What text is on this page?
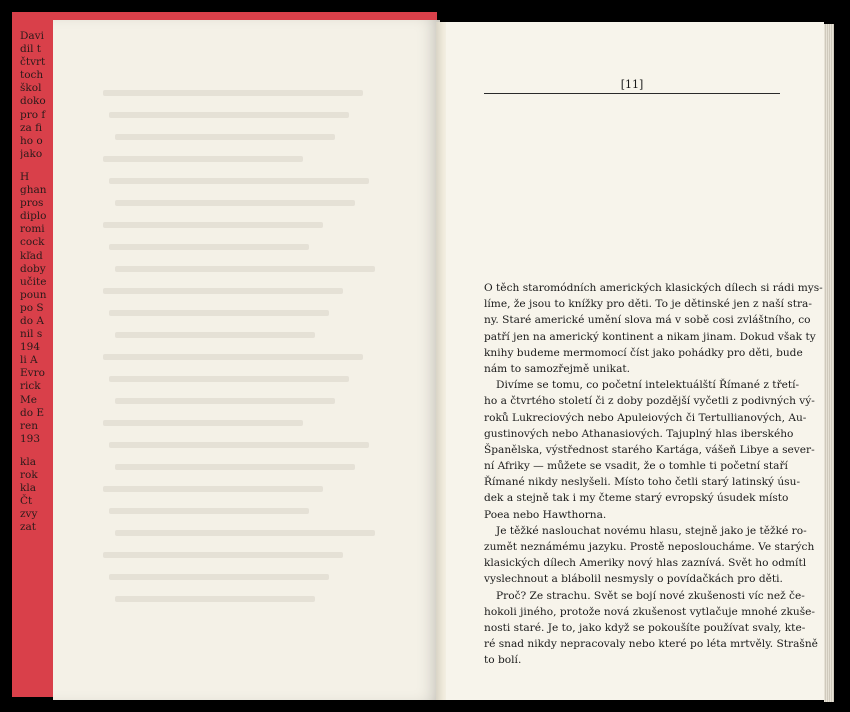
Davi
dil t
čtvrt
toch
škol
doko
pro f
za fi
ho o
jako
H
ghan
pros
diplo
romi
cock
kľad
doby
učite
poun
po S
do A
nil s
194
li A
Evro
rick
Me
do E
ren
193
kla
rok
kla
Čt
zvy
zat
[11]
O těch staromódních amerických klasických dílech si rádi mys-
líme, že jsou to knížky pro děti. To je dětinské jen z naší stra-
ny. Staré americké umění slova má v sobě cosi zvláštního, co
patří jen na americký kontinent a nikam jinam. Dokud však ty
knihy budeme mermomocí číst jako pohádky pro děti, bude
nám to samozřejmě unikat.
Divíme se tomu, co početní intelektuálští Římané z třetí-
ho a čtvrtého století či z doby pozdější vyčetli z podivných vý-
roků Lukreciových nebo Apuleiových či Tertullianových, Au-
gustinových nebo Athanasiových. Tajuplný hlas iberského
Španělska, výstřednost starého Kartága, vášeň Libye a sever-
ní Afriky — můžete se vsadit, že o tomhle ti početní staří
Římané nikdy neslyšeli. Místo toho četli starý latinský úsu-
dek a stejně tak i my čteme starý evropský úsudek místo
Poea nebo Hawthorna.
Je těžké naslouchat novému hlasu, stejně jako je těžké ro-
zumět neznámému jazyku. Prostě neposloucháme. Ve starých
klasických dílech Ameriky nový hlas zaznívá. Svět ho odmítl
vyslechnout a blábolil nesmysly o povídačkách pro děti.
Proč? Ze strachu. Svět se bojí nové zkušenosti víc než če-
hokoli jiného, protože nová zkušenost vytlačuje mnohé zkuše-
nosti staré. Je to, jako když se pokoušíte používat svaly, kte-
ré snad nikdy nepracovaly nebo které po léta mrtvěly. Strašně
to bolí.
